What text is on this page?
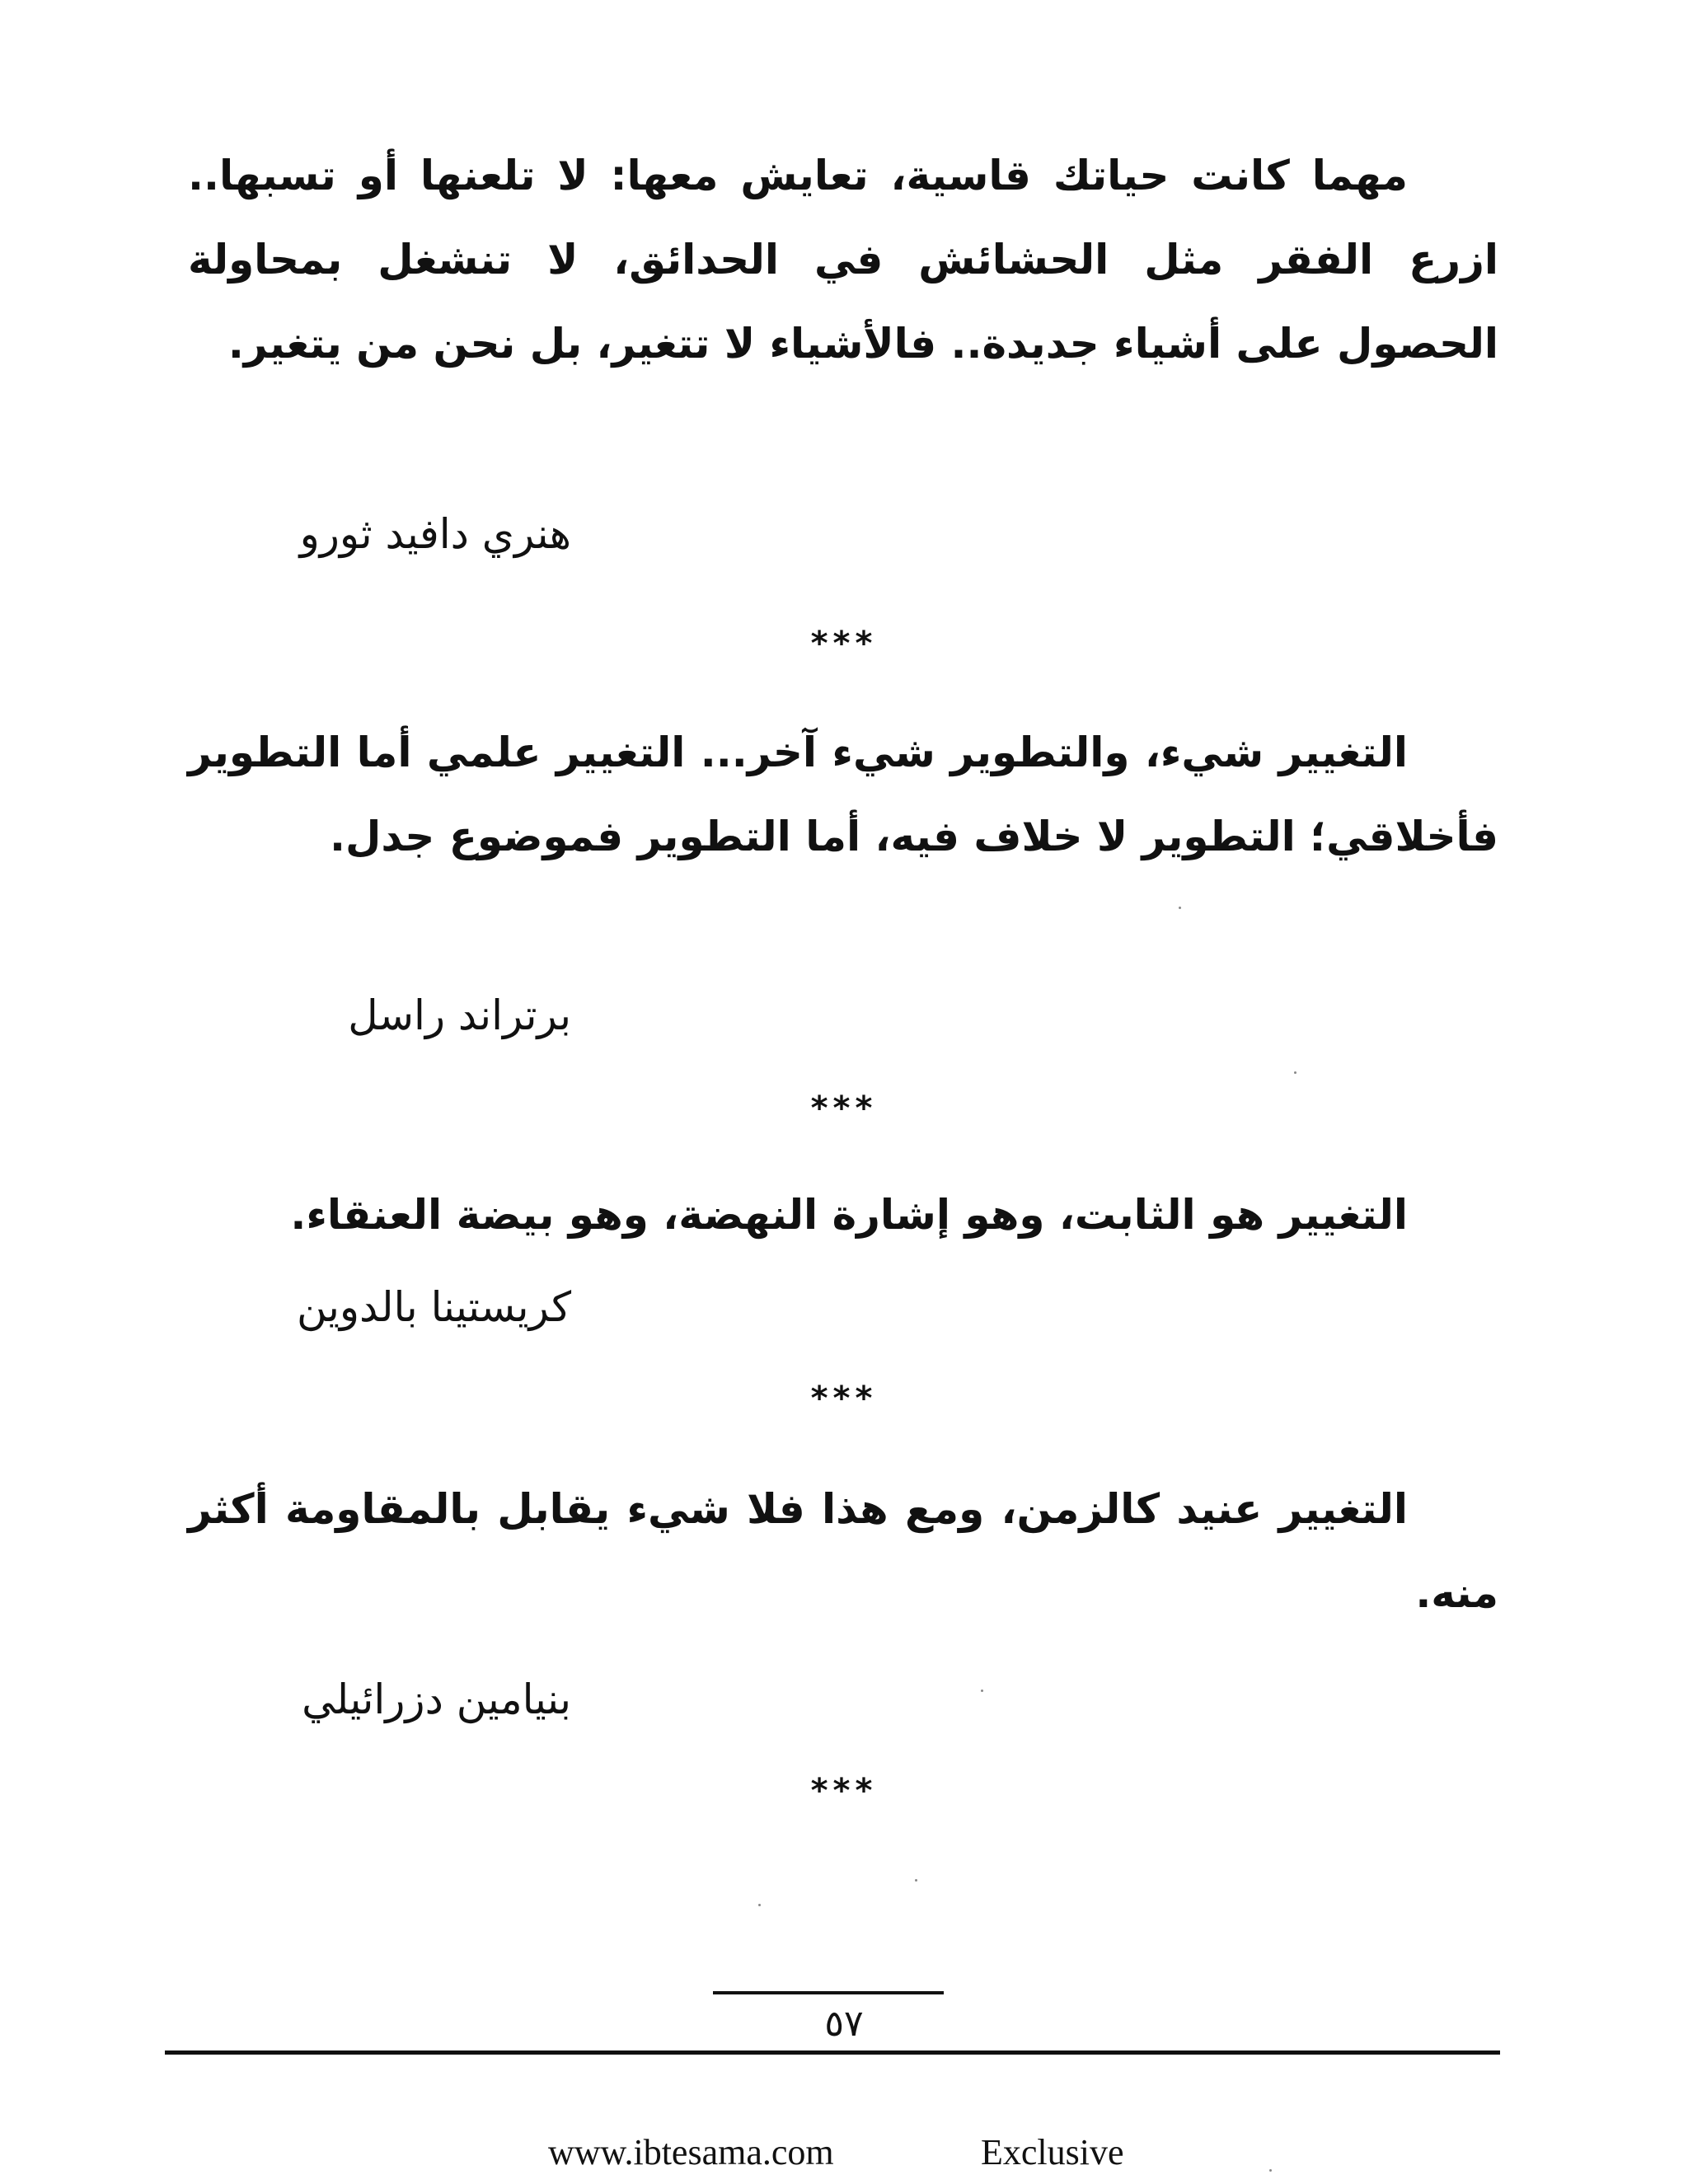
مهما كانت حياتك قاسية، تعايش معها: لا تلعنها أو تسبها.. ازرع الفقر مثل الحشائش في الحدائق، لا تنشغل بمحاولة الحصول على أشياء جديدة.. فالأشياء لا تتغير، بل نحن من يتغير.

هنري دافيد ثورو

***

التغيير شيء، والتطوير شيء آخر... التغيير علمي أما التطوير فأخلاقي؛ التطوير لا خلاف فيه، أما التطوير فموضوع جدل.

برتراند راسل

***

التغيير هو الثابت، وهو إشارة النهضة، وهو بيضة العنقاء.

كريستينا بالدوين

***

التغيير عنيد كالزمن، ومع هذا فلا شيء يقابل بالمقاومة أكثر منه.

بنيامين دزرائيلي

***

٥٧
www.ibtesama.com	Exclusive
